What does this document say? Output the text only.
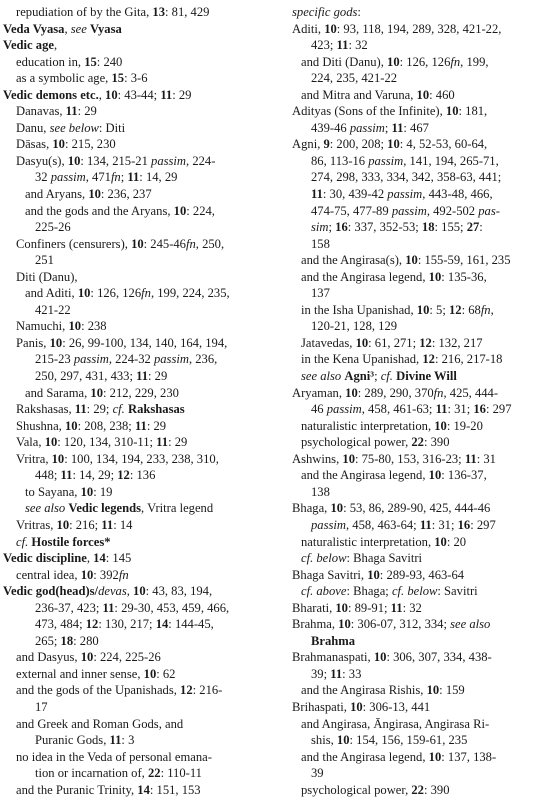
repudiation of by the Gita, 13: 81, 429
Veda Vyasa, see Vyasa
Vedic age,
education in, 15: 240
as a symbolic age, 15: 3-6
Vedic demons etc., 10: 43-44; 11: 29
Danavas, 11: 29
Danu, see below: Diti
Dāsas, 10: 215, 230
Dasyu(s), 10: 134, 215-21 passim, 224-
32 passim, 471fn; 11: 14, 29
and Aryans, 10: 236, 237
and the gods and the Aryans, 10: 224,
225-26
Confiners (censurers), 10: 245-46fn, 250,
251
Diti (Danu),
and Aditi, 10: 126, 126fn, 199, 224, 235,
421-22
Namuchi, 10: 238
Panis, 10: 26, 99-100, 134, 140, 164, 194,
215-23 passim, 224-32 passim, 236,
250, 297, 431, 433; 11: 29
and Sarama, 10: 212, 229, 230
Rakshasas, 11: 29; cf. Rakshasas
Shushna, 10: 208, 238; 11: 29
Vala, 10: 120, 134, 310-11; 11: 29
Vritra, 10: 100, 134, 194, 233, 238, 310,
448; 11: 14, 29; 12: 136
to Sayana, 10: 19
see also Vedic legends, Vritra legend
Vritras, 10: 216; 11: 14
cf. Hostile forces*
Vedic discipline, 14: 145
central idea, 10: 392fn
Vedic god(head)s/devas, 10: 43, 83, 194,
236-37, 423; 11: 29-30, 453, 459, 466,
473, 484; 12: 130, 217; 14: 144-45,
265; 18: 280
and Dasyus, 10: 224, 225-26
external and inner sense, 10: 62
and the gods of the Upanishads, 12: 216-
17
and Greek and Roman Gods, and
Puranic Gods, 11: 3
no idea in the Veda of personal emana-
tion or incarnation of, 22: 110-11
and the Puranic Trinity, 14: 151, 153
specific gods:
Aditi, 10: 93, 118, 194, 289, 328, 421-22,
423; 11: 32
and Diti (Danu), 10: 126, 126fn, 199,
224, 235, 421-22
and Mitra and Varuna, 10: 460
Adityas (Sons of the Infinite), 10: 181,
439-46 passim; 11: 467
Agni, 9: 200, 208; 10: 4, 52-53, 60-64,
86, 113-16 passim, 141, 194, 265-71,
274, 298, 333, 334, 342, 358-63, 441;
11: 30, 439-42 passim, 443-48, 466,
474-75, 477-89 passim, 492-502 pas-
sim; 16: 337, 352-53; 18: 155; 27:
158
and the Angirasa(s), 10: 155-59, 161, 235
and the Angirasa legend, 10: 135-36,
137
in the Isha Upanishad, 10: 5; 12: 68fn,
120-21, 128, 129
Jatavedas, 10: 61, 271; 12: 132, 217
in the Kena Upanishad, 12: 216, 217-18
see also Agni³; cf. Divine Will
Aryaman, 10: 289, 290, 370fn, 425, 444-
46 passim, 458, 461-63; 11: 31; 16: 297
naturalistic interpretation, 10: 19-20
psychological power, 22: 390
Ashwins, 10: 75-80, 153, 316-23; 11: 31
and the Angirasa legend, 10: 136-37,
138
Bhaga, 10: 53, 86, 289-90, 425, 444-46
passim, 458, 463-64; 11: 31; 16: 297
naturalistic interpretation, 10: 20
cf. below: Bhaga Savitri
Bhaga Savitri, 10: 289-93, 463-64
cf. above: Bhaga; cf. below: Savitri
Bharati, 10: 89-91; 11: 32
Brahma, 10: 306-07, 312, 334; see also
Brahma
Brahmanaspati, 10: 306, 307, 334, 438-
39; 11: 33
and the Angirasa Rishis, 10: 159
Brihaspati, 10: 306-13, 441
and Angirasa, Āngirasa, Angirasa Ri-
shis, 10: 154, 156, 159-61, 235
and the Angirasa legend, 10: 137, 138-
39
psychological power, 22: 390
